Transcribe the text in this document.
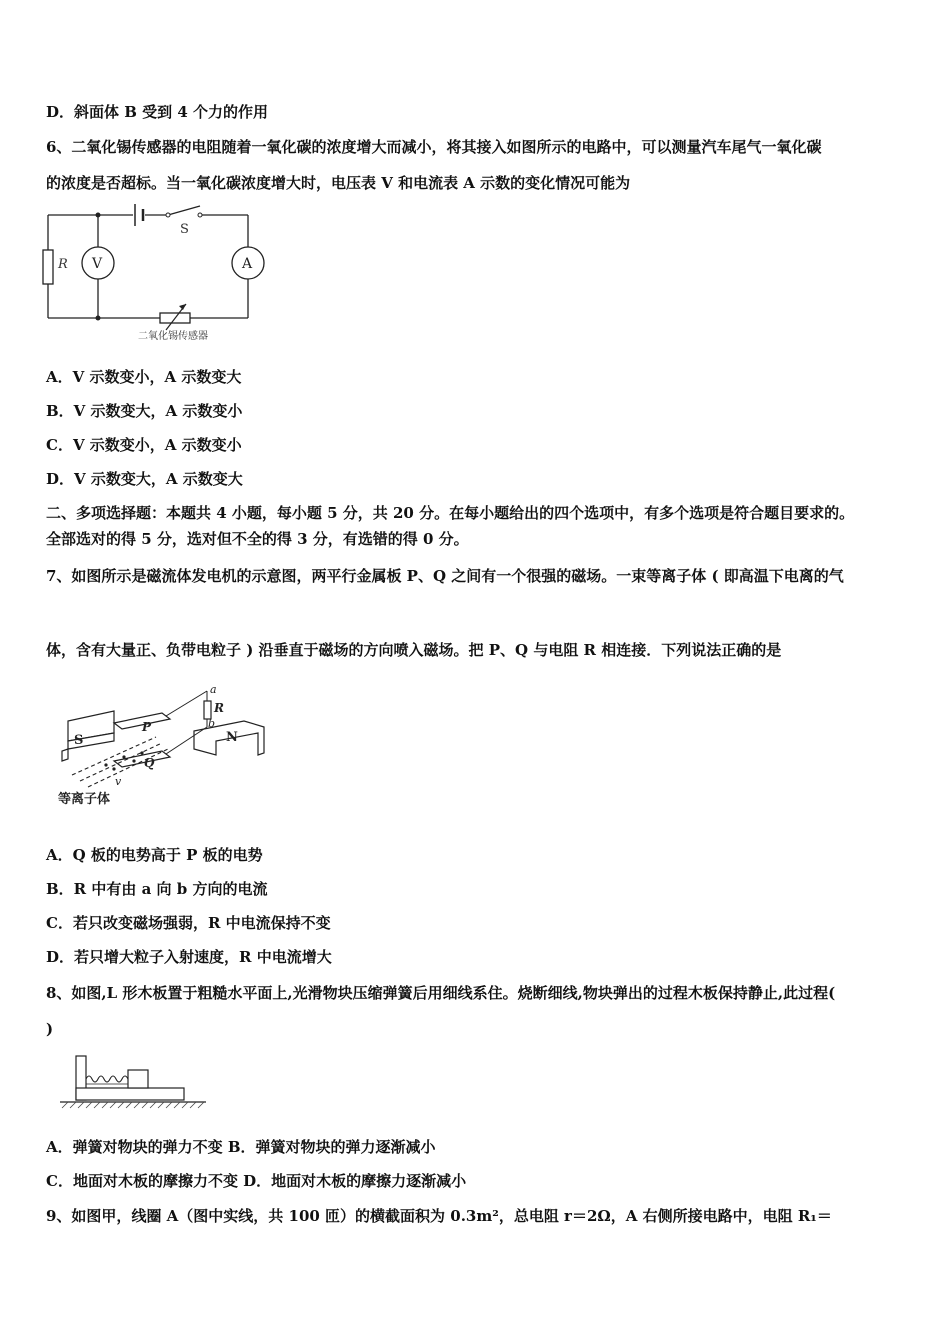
D．斜面体 B 受到 4 个力的作用
6、二氧化锡传感器的电阻随着一氧化碳的浓度增大而减小，将其接入如图所示的电路中，可以测量汽车尾气一氧化碳
的浓度是否超标。当一氧化碳浓度增大时，电压表 V 和电流表 A 示数的变化情况可能为
S
R V	A
二氧化锡传感器
A．V 示数变小，A 示数变大
B．V 示数变大，A 示数变小
C．V 示数变小，A 示数变小
D．V 示数变大，A 示数变大
二、多项选择题：本题共 4 小题，每小题 5 分，共 20 分。在每小题给出的四个选项中，有多个选项是符合题目要求的。
全部选对的得 5 分，选对但不全的得 3 分，有选错的得 0 分。
7、如图所示是磁流体发电机的示意图，两平行金属板 P、Q 之间有一个很强的磁场。一束等离子体 ( 即高温下电离的气
体，含有大量正、负带电粒子 ) 沿垂直于磁场的方向喷入磁场。把 P、Q 与电阻 R 相连接．下列说法正确的是
S	N
P
Q
a
R
b
v
等离子体
A．Q 板的电势高于 P 板的电势
B．R 中有由 a 向 b 方向的电流
C．若只改变磁场强弱，R 中电流保持不变
D．若只增大粒子入射速度，R 中电流增大
8、如图,L 形木板置于粗糙水平面上,光滑物块压缩弹簧后用细线系住。烧断细线,物块弹出的过程木板保持静止,此过程(
)
A．弹簧对物块的弹力不变 B．弹簧对物块的弹力逐渐减小
C．地面对木板的摩擦力不变 D．地面对木板的摩擦力逐渐减小
9、如图甲，线圈 A（图中实线，共 100 匝）的横截面积为 0.3m²，总电阻 r＝2Ω，A 右侧所接电路中，电阻 R₁＝
